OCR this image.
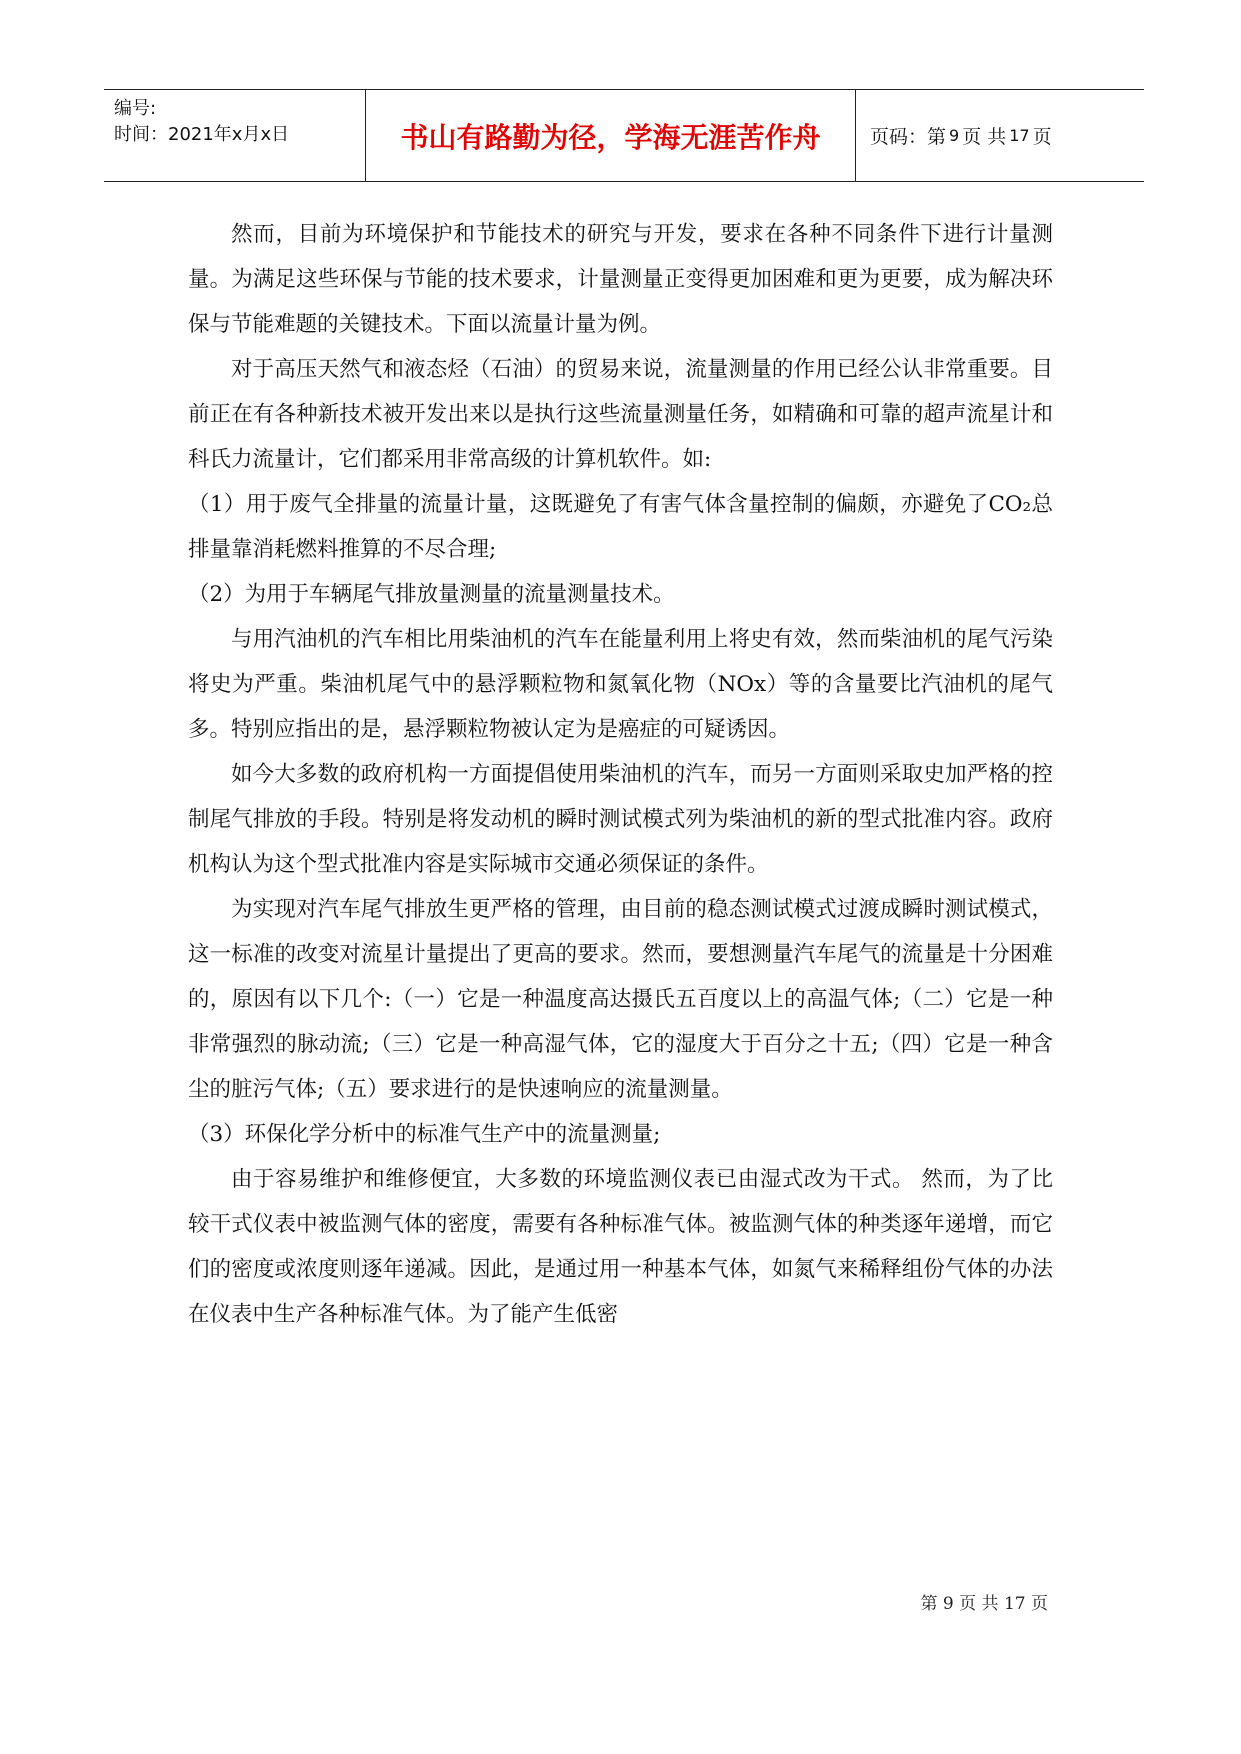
编号:
时间：2021年x月x日	书山有路勤为径，学海无涯苦作舟	页码：第 9 页 共 17 页

然而，目前为环境保护和节能技术的研究与开发，要求在各种不同条件下进行计量测量。为满足这些环保与节能的技术要求，计量测量正变得更加困难和更为更要，成为解决环保与节能难题的关键技术。下面以流量计量为例。

对于高压天然气和液态烃（石油）的贸易来说，流量测量的作用已经公认非常重要。目前正在有各种新技术被开发出来以是执行这些流量测量任务，如精确和可靠的超声流星计和科氏力流量计，它们都采用非常高级的计算机软件。如:

（1）用于废气全排量的流量计量，这既避免了有害气体含量控制的偏颇，亦避免了CO₂总排量靠消耗燃料推算的不尽合理;

（2）为用于车辆尾气排放量测量的流量测量技术。

与用汽油机的汽车相比用柴油机的汽车在能量利用上将史有效，然而柴油机的尾气污染将史为严重。柴油机尾气中的悬浮颗粒物和氮氧化物（NOx）等的含量要比汽油机的尾气多。特别应指出的是，悬浮颗粒物被认定为是癌症的可疑诱因。

如今大多数的政府机构一方面提倡使用柴油机的汽车，而另一方面则采取史加严格的控制尾气排放的手段。特别是将发动机的瞬时测试模式列为柴油机的新的型式批准内容。政府机构认为这个型式批准内容是实际城市交通必须保证的条件。

为实现对汽车尾气排放生更严格的管理，由目前的稳态测试模式过渡成瞬时测试模式，这一标准的改变对流星计量提出了更高的要求。然而，要想测量汽车尾气的流量是十分困难的，原因有以下几个:（一）它是一种温度高达摄氏五百度以上的高温气体;（二）它是一种非常强烈的脉动流;（三）它是一种高湿气体，它的湿度大于百分之十五;（四）它是一种含尘的脏污气体;（五）要求进行的是快速响应的流量测量。

（3）环保化学分析中的标准气生产中的流量测量;

由于容易维护和维修便宜，大多数的环境监测仪表已由湿式改为干式。 然而，为了比较干式仪表中被监测气体的密度，需要有各种标准气体。被监测气体的种类逐年递增，而它们的密度或浓度则逐年递减。因此，是通过用一种基本气体，如氮气来稀释组份气体的办法在仪表中生产各种标准气体。为了能产生低密

第 9 页 共 17 页
